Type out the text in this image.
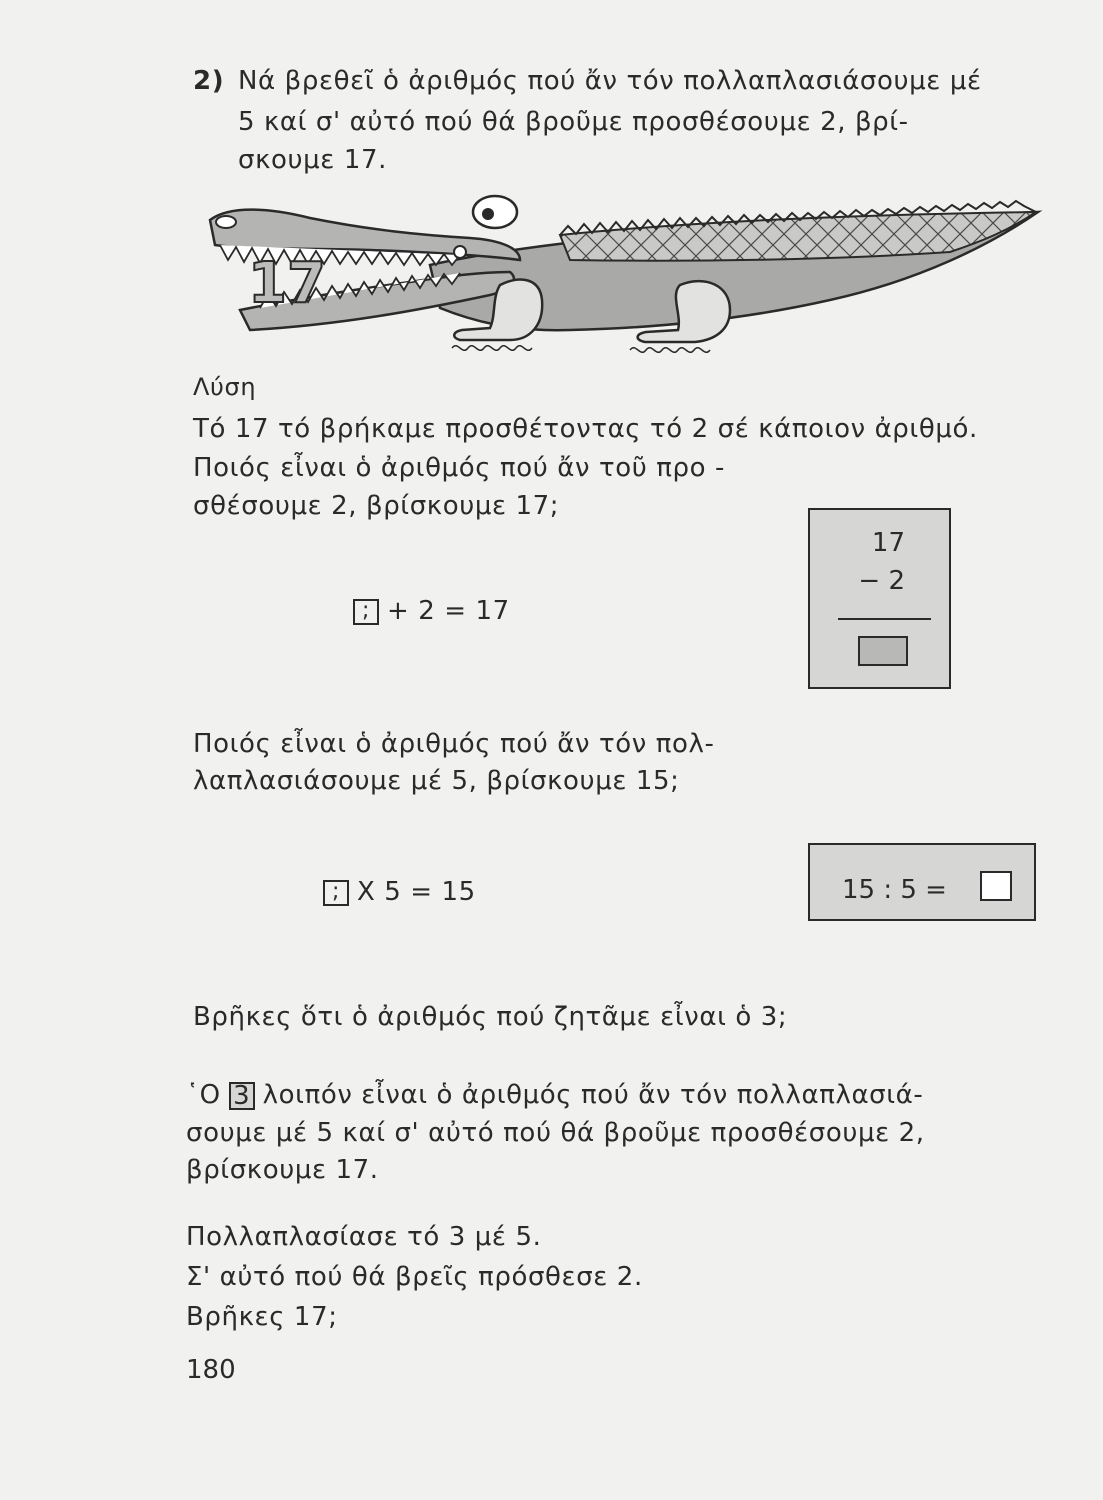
2) Νά βρεθεῖ ὁ ἀριθμός πού ἄν τόν πολλαπλασιάσουμε μέ
5 καί σ' αὐτό πού θά βροῦμε προσθέσουμε 2, βρί-
σκουμε 17.
17
Λύση
Τό 17 τό βρήκαμε προσθέτοντας τό 2 σέ κάποιον ἀριθμό.
Ποιός εἶναι ὁ ἀριθμός πού ἄν τοῦ προ -
σθέσουμε 2, βρίσκουμε 17;
; + 2 = 17
17
− 2
Ποιός εἶναι ὁ ἀριθμός πού ἄν τόν πολ-
λαπλασιάσουμε μέ 5, βρίσκουμε 15;
; X 5 = 15	15 : 5 =
Βρῆκες ὅτι ὁ ἀριθμός πού ζητᾶμε εἶναι ὁ 3;
῾Ο 3 λοιπόν εἶναι ὁ ἀριθμός πού ἄν τόν πολλαπλασιά-
σουμε μέ 5 καί σ' αὐτό πού θά βροῦμε προσθέσουμε 2,
βρίσκουμε 17.
Πολλαπλασίασε τό 3 μέ 5.
Σ' αὐτό πού θά βρεῖς πρόσθεσε 2.
Βρῆκες 17;
180
